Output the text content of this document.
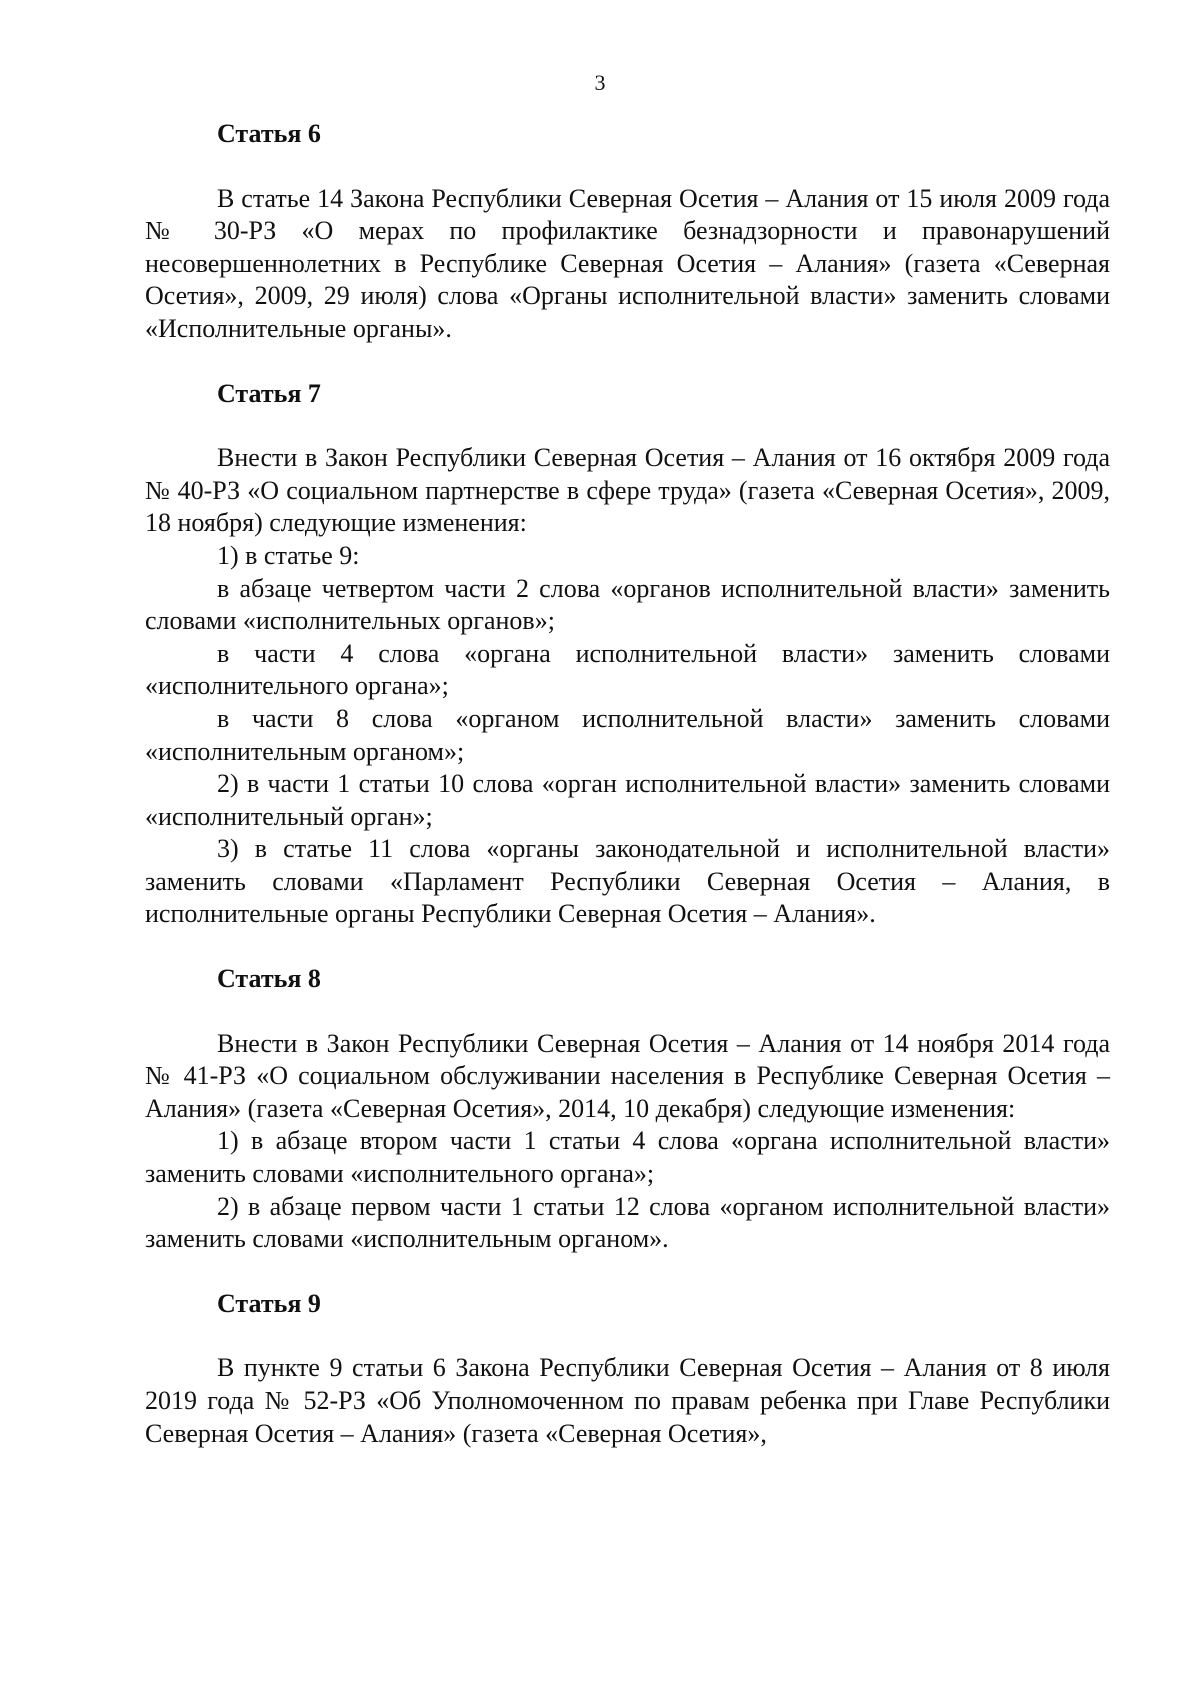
3
Статья 6

В статье 14 Закона Республики Северная Осетия – Алания от 15 июля 2009 года № 30-РЗ «О мерах по профилактике безнадзорности и правонарушений несовершеннолетних в Республике Северная Осетия – Алания» (газета «Северная Осетия», 2009, 29 июля) слова «Органы исполнительной власти» заменить словами «Исполнительные органы».

Статья 7

Внести в Закон Республики Северная Осетия – Алания от 16 октября 2009 года № 40-РЗ «О социальном партнерстве в сфере труда» (газета «Северная Осетия», 2009, 18 ноября) следующие изменения:

1) в статье 9:

в абзаце четвертом части 2 слова «органов исполнительной власти» заменить словами «исполнительных органов»;

в части 4 слова «органа исполнительной власти» заменить словами «исполнительного органа»;

в части 8 слова «органом исполнительной власти» заменить словами «исполнительным органом»;

2) в части 1 статьи 10 слова «орган исполнительной власти» заменить словами «исполнительный орган»;

3) в статье 11 слова «органы законодательной и исполнительной власти» заменить словами «Парламент Республики Северная Осетия – Алания, в исполнительные органы Республики Северная Осетия – Алания».

Статья 8

Внести в Закон Республики Северная Осетия – Алания от 14 ноября 2014 года № 41-РЗ «О социальном обслуживании населения в Республике Северная Осетия – Алания» (газета «Северная Осетия», 2014, 10 декабря) следующие изменения:

1) в абзаце втором части 1 статьи 4 слова «органа исполнительной власти» заменить словами «исполнительного органа»;

2) в абзаце первом части 1 статьи 12 слова «органом исполнительной власти» заменить словами «исполнительным органом».

Статья 9

В пункте 9 статьи 6 Закона Республики Северная Осетия – Алания от 8 июля 2019 года № 52-РЗ «Об Уполномоченном по правам ребенка при Главе Республики Северная Осетия – Алания» (газета «Северная Осетия»,
